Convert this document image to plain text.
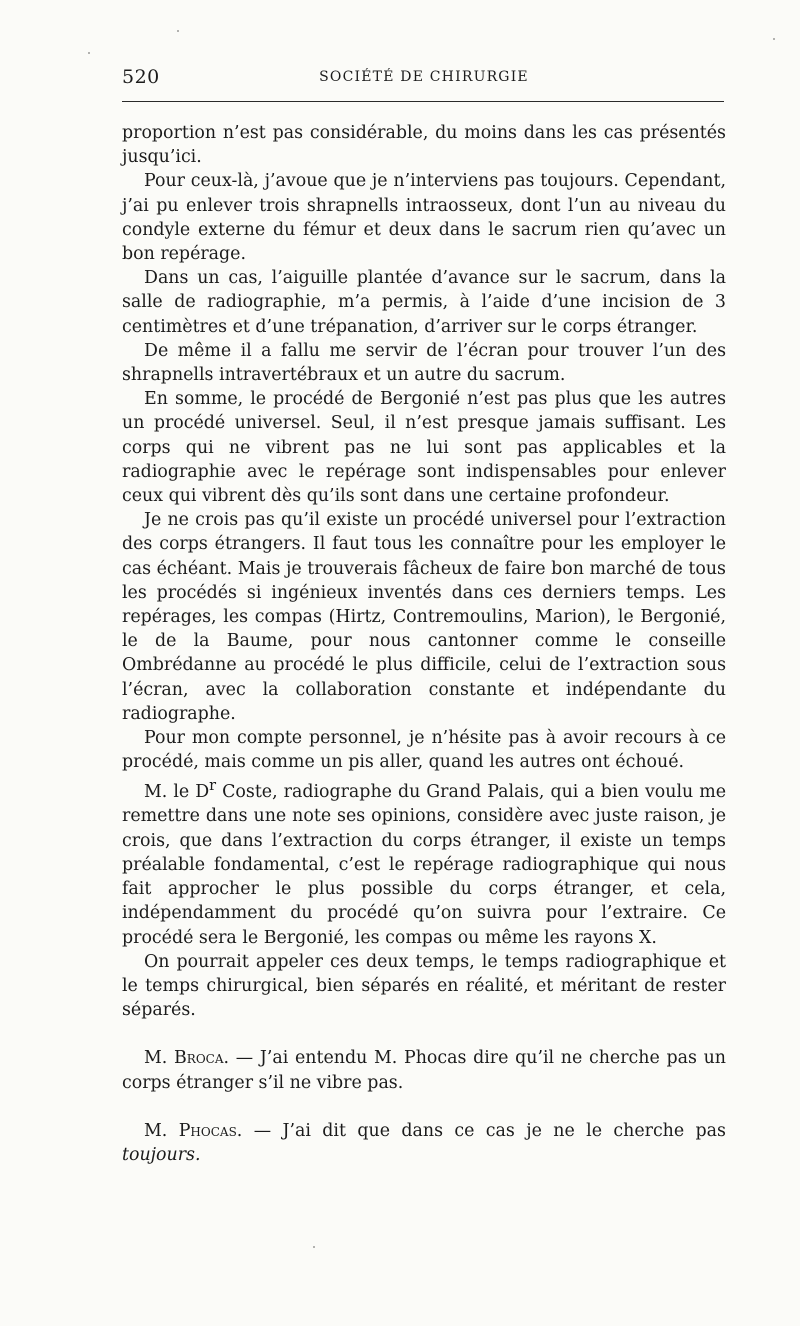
520	SOCIÉTÉ DE CHIRURGIE

proportion n’est pas considérable, du moins dans les cas présentés jusqu’ici.

Pour ceux-là, j’avoue que je n’interviens pas toujours. Cependant, j’ai pu enlever trois shrapnells intraosseux, dont l’un au niveau du condyle externe du fémur et deux dans le sacrum rien qu’avec un bon repérage.

Dans un cas, l’aiguille plantée d’avance sur le sacrum, dans la salle de radiographie, m’a permis, à l’aide d’une incision de 3 centimètres et d’une trépanation, d’arriver sur le corps étranger.

De même il a fallu me servir de l’écran pour trouver l’un des shrapnells intravertébraux et un autre du sacrum.

En somme, le procédé de Bergonié n’est pas plus que les autres un procédé universel. Seul, il n’est presque jamais suffisant. Les corps qui ne vibrent pas ne lui sont pas applicables et la radiographie avec le repérage sont indispensables pour enlever ceux qui vibrent dès qu’ils sont dans une certaine profondeur.

Je ne crois pas qu’il existe un procédé universel pour l’extraction des corps étrangers. Il faut tous les connaître pour les employer le cas échéant. Mais je trouverais fâcheux de faire bon marché de tous les procédés si ingénieux inventés dans ces derniers temps. Les repérages, les compas (Hirtz, Contremoulins, Marion), le Bergonié, le de la Baume, pour nous cantonner comme le conseille Ombrédanne au procédé le plus difficile, celui de l’extraction sous l’écran, avec la collaboration constante et indépendante du radiographe.

Pour mon compte personnel, je n’hésite pas à avoir recours à ce procédé, mais comme un pis aller, quand les autres ont échoué.

M. le $D^r$ Coste, radiographe du Grand Palais, qui a bien voulu me remettre dans une note ses opinions, considère avec juste raison, je crois, que dans l’extraction du corps étranger, il existe un temps préalable fondamental, c’est le repérage radiographique qui nous fait approcher le plus possible du corps étranger, et cela, indépendamment du procédé qu’on suivra pour l’extraire. Ce procédé sera le Bergonié, les compas ou même les rayons X.

On pourrait appeler ces deux temps, le temps radiographique et le temps chirurgical, bien séparés en réalité, et méritant de rester séparés.

M. Broca. — J’ai entendu M. Phocas dire qu’il ne cherche pas un corps étranger s’il ne vibre pas.

M. Phocas. — J’ai dit que dans ce cas je ne le cherche pas toujours.
